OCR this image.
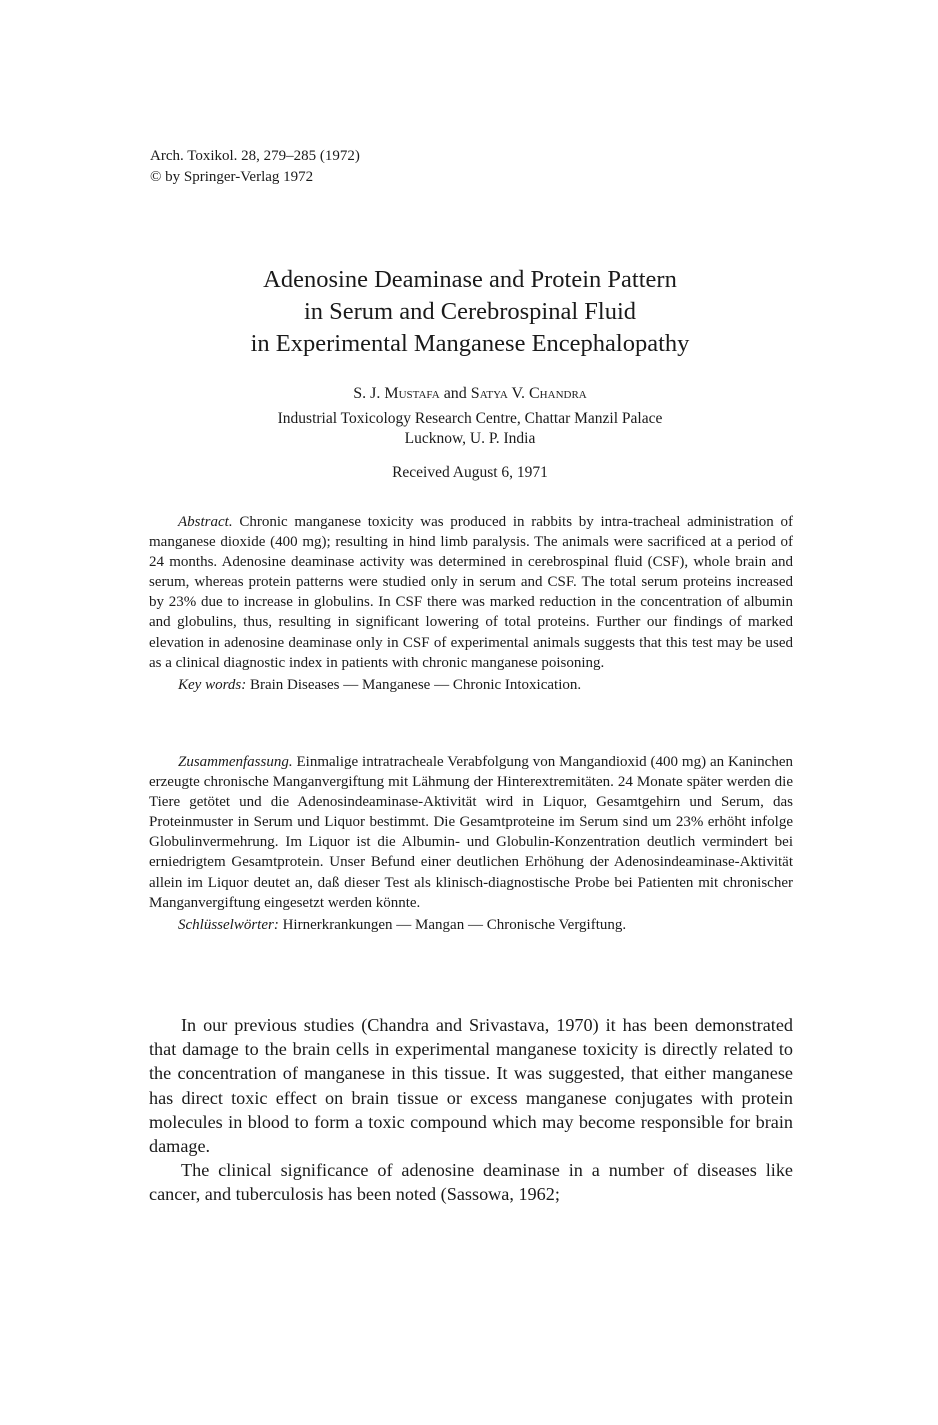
Arch. Toxikol. 28, 279–285 (1972)
© by Springer-Verlag 1972
Adenosine Deaminase and Protein Pattern
in Serum and Cerebrospinal Fluid
in Experimental Manganese Encephalopathy
S. J. Mustafa and Satya V. Chandra
Industrial Toxicology Research Centre, Chattar Manzil Palace
Lucknow, U. P. India
Received August 6, 1971

Abstract. Chronic manganese toxicity was produced in rabbits by intra-tracheal administration of manganese dioxide (400 mg); resulting in hind limb paralysis. The animals were sacrificed at a period of 24 months. Adenosine deaminase activity was determined in cerebrospinal fluid (CSF), whole brain and serum, whereas protein patterns were studied only in serum and CSF. The total serum proteins increased by 23% due to increase in globulins. In CSF there was marked reduction in the concentration of albumin and globulins, thus, resulting in significant lowering of total proteins. Further our findings of marked elevation in adenosine deaminase only in CSF of experimental animals suggests that this test may be used as a clinical diagnostic index in patients with chronic manganese poisoning.

Key words: Brain Diseases — Manganese — Chronic Intoxication.

Zusammenfassung. Einmalige intratracheale Verabfolgung von Mangandioxid (400 mg) an Kaninchen erzeugte chronische Manganvergiftung mit Lähmung der Hinterextremitäten. 24 Monate später werden die Tiere getötet und die Adenosindeaminase-Aktivität wird in Liquor, Gesamtgehirn und Serum, das Proteinmuster in Serum und Liquor bestimmt. Die Gesamtproteine im Serum sind um 23% erhöht infolge Globulinvermehrung. Im Liquor ist die Albumin- und Globulin-Konzentration deutlich vermindert bei erniedrigtem Gesamtprotein. Unser Befund einer deutlichen Erhöhung der Adenosindeaminase-Aktivität allein im Liquor deutet an, daß dieser Test als klinisch-diagnostische Probe bei Patienten mit chronischer Manganvergiftung eingesetzt werden könnte.

Schlüsselwörter: Hirnerkrankungen — Mangan — Chronische Vergiftung.

In our previous studies (Chandra and Srivastava, 1970) it has been demonstrated that damage to the brain cells in experimental manganese toxicity is directly related to the concentration of manganese in this tissue. It was suggested, that either manganese has direct toxic effect on brain tissue or excess manganese conjugates with protein molecules in blood to form a toxic compound which may become responsible for brain damage.

The clinical significance of adenosine deaminase in a number of diseases like cancer, and tuberculosis has been noted (Sassowa, 1962;
